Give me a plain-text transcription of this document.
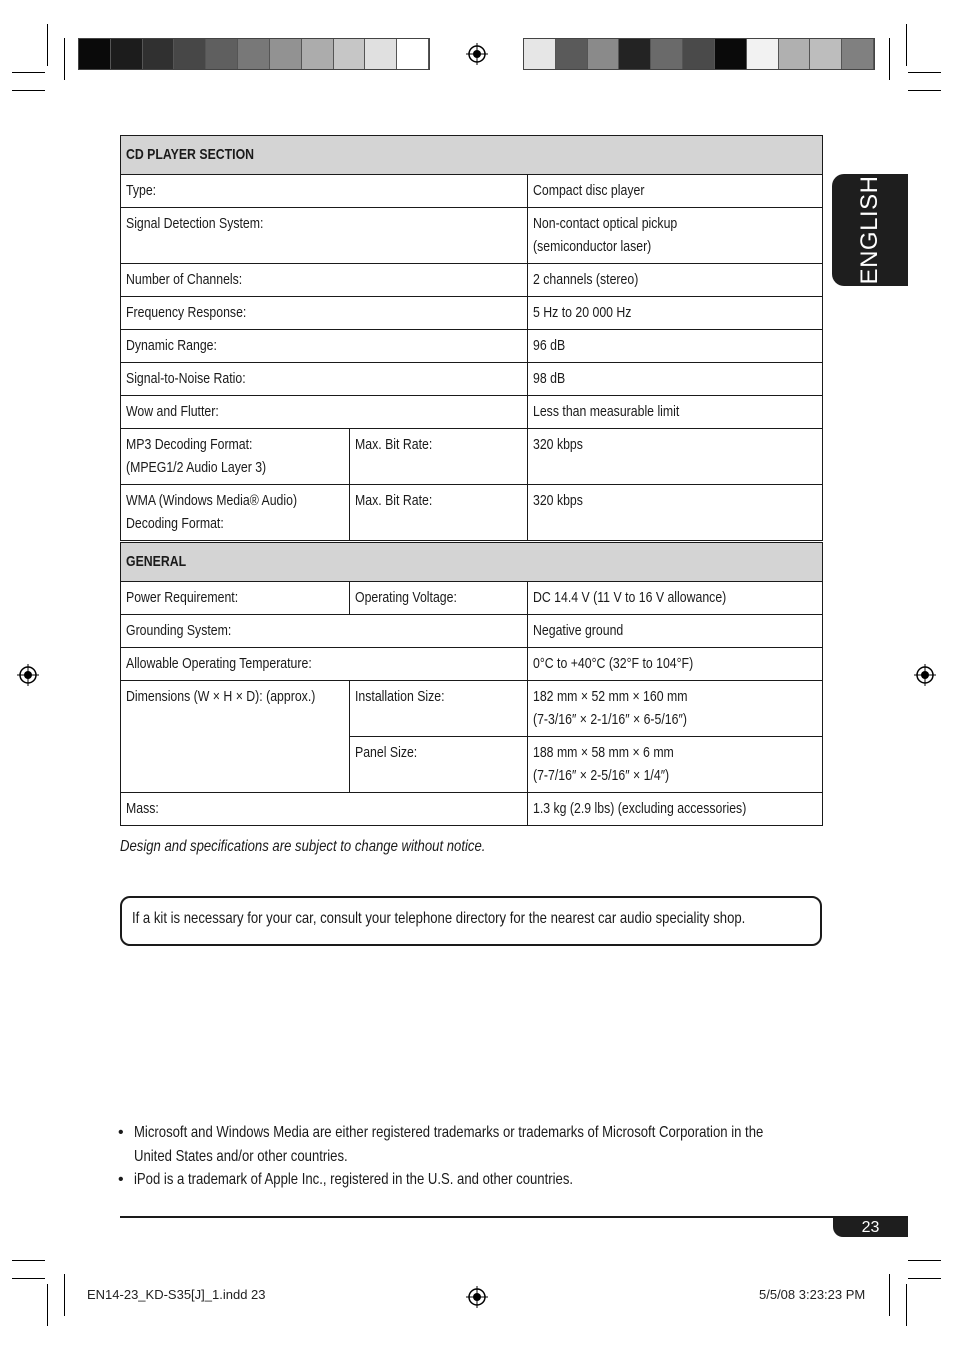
ENGLISH
CD PLAYER SECTION		
Type:		Compact disc player
Signal Detection System:		Non-contact optical pickup
(semiconductor laser)

Number of Channels:		2 channels (stereo)
Frequency Response:		5 Hz to 20 000 Hz
Dynamic Range:		96 dB
Signal-to-Noise Ratio:		98 dB
Wow and Flutter:		Less than measurable limit

MP3 Decoding Format:
(MPEG1/2 Audio Layer 3)	Max. Bit Rate:	320 kbps

WMA (Windows Media® Audio)
Decoding Format:	Max. Bit Rate:	320 kbps
GENERAL		
Power Requirement:	Operating Voltage:	DC 14.4 V (11 V to 16 V allowance)
Grounding System:		Negative ground
Allowable Operating Temperature:		0°C to +40°C (32°F to 104°F)
Dimensions (W × H × D): (approx.)	Installation Size:	182 mm × 52 mm × 160 mm
(7-3/16″ × 2-1/16″ × 6-5/16″)

	Panel Size:	188 mm × 58 mm × 6 mm
(7-7/16″ × 2-5/16″ × 1/4″)

Mass:		1.3 kg (2.9 lbs) (excluding accessories)
Design and specifications are subject to change without notice.
If a kit is necessary for your car, consult your telephone directory for the nearest car audio speciality shop.
• Microsoft and Windows Media are either registered trademarks or trademarks of Microsoft Corporation in the
United States and/or other countries.
• iPod is a trademark of Apple Inc., registered in the U.S. and other countries.
23
EN14-23_KD-S35[J]_1.indd 23	5/5/08 3:23:23 PM
